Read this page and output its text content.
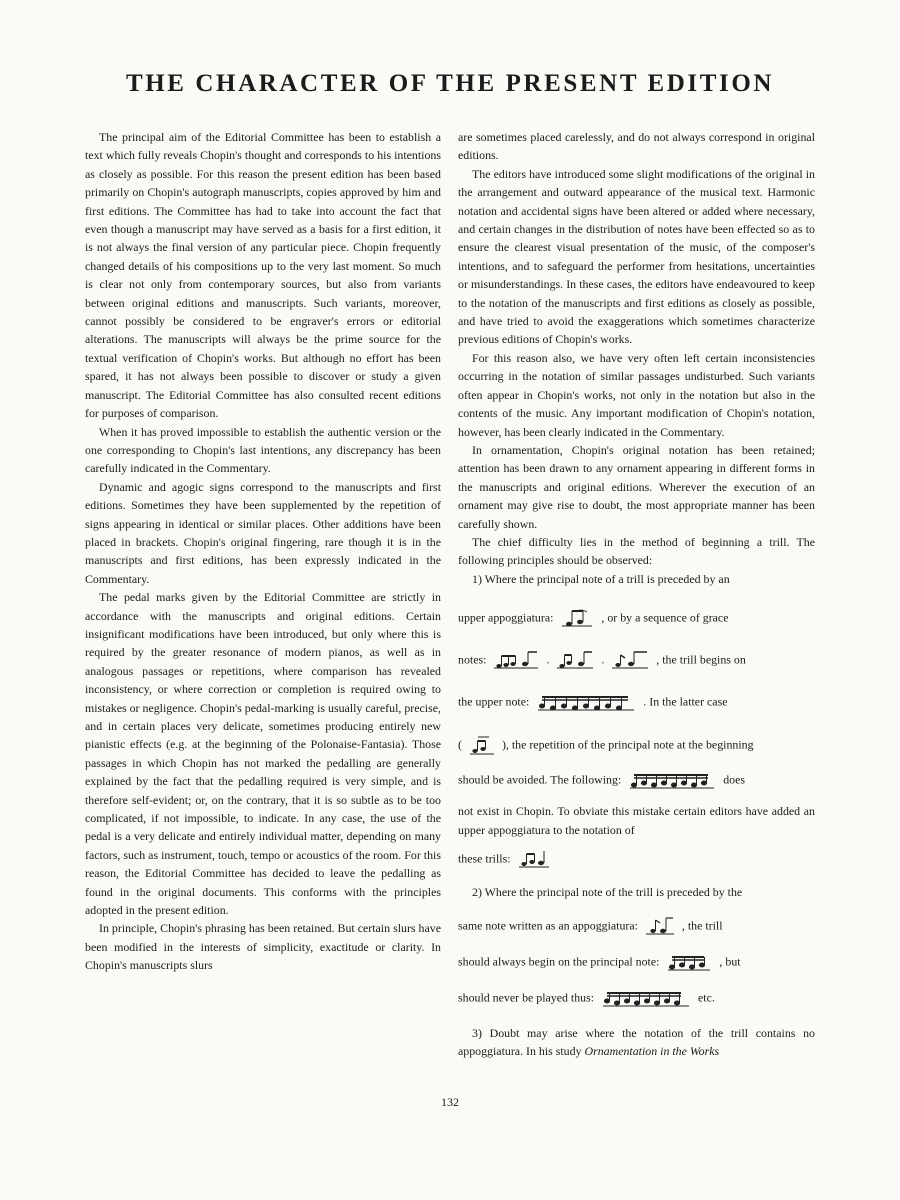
THE CHARACTER OF THE PRESENT EDITION

The principal aim of the Editorial Committee has been to establish a text which fully reveals Chopin's thought and corresponds to his intentions as closely as possible. For this reason the present edition has been based primarily on Chopin's autograph manuscripts, copies approved by him and first editions. The Committee has had to take into account the fact that even though a manuscript may have served as a basis for a first edition, it is not always the final version of any particular piece. Chopin frequently changed details of his compositions up to the very last moment. So much is clear not only from contemporary sources, but also from variants between original editions and manuscripts. Such variants, moreover, cannot possibly be considered to be engraver's errors or editorial alterations. The manuscripts will always be the prime source for the textual verification of Chopin's works. But although no effort has been spared, it has not always been possible to discover or study a given manuscript. The Editorial Committee has also consulted recent editions for purposes of comparison.

When it has proved impossible to establish the authentic version or the one corresponding to Chopin's last intentions, any discrepancy has been carefully indicated in the Commentary.

Dynamic and agogic signs correspond to the manuscripts and first editions. Sometimes they have been supplemented by the repetition of signs appearing in identical or similar places. Other additions have been placed in brackets. Chopin's original fingering, rare though it is in the manuscripts and first editions, has been expressly indicated in the Commentary.

The pedal marks given by the Editorial Committee are strictly in accordance with the manuscripts and original editions. Certain insignificant modifications have been introduced, but only where this is required by the greater resonance of modern pianos, as well as in analogous passages or repetitions, where comparison has revealed inconsistency, or where correction or completion is required owing to mistakes or negligence. Chopin's pedal-marking is usually careful, precise, and in certain places very delicate, sometimes producing entirely new pianistic effects (e.g. at the beginning of the Polonaise-Fantasia). Those passages in which Chopin has not marked the pedalling are generally explained by the fact that the pedalling required is very simple, and is therefore self-evident; or, on the contrary, that it is so subtle as to be too complicated, if not impossible, to indicate. In any case, the use of the pedal is a very delicate and entirely individual matter, depending on many factors, such as instrument, touch, tempo or acoustics of the room. For this reason, the Editorial Committee has decided to leave the pedalling as found in the original documents. This conforms with the principles adopted in the present edition.

In principle, Chopin's phrasing has been retained. But certain slurs have been modified in the interests of simplicity, exactitude or clarity. In Chopin's manuscripts slurs

are sometimes placed carelessly, and do not always correspond in original editions.

The editors have introduced some slight modifications of the original in the arrangement and outward appearance of the musical text. Harmonic notation and accidental signs have been altered or added where necessary, and certain changes in the distribution of notes have been effected so as to ensure the clearest visual presentation of the music, of the composer's intentions, and to safeguard the performer from hesitations, uncertainties or misunderstandings. In these cases, the editors have endeavoured to keep to the notation of the manuscripts and first editions as closely as possible, and have tried to avoid the exaggerations which sometimes characterize previous editions of Chopin's works.

For this reason also, we have very often left certain inconsistencies occurring in the notation of similar passages undisturbed. Such variants often appear in Chopin's works, not only in the notation but also in the contents of the music. Any important modification of Chopin's notation, however, has been clearly indicated in the Commentary.

In ornamentation, Chopin's original notation has been retained; attention has been drawn to any ornament appearing in different forms in the manuscripts and original editions. Wherever the execution of an ornament may give rise to doubt, the most appropriate manner has been carefully shown.

The chief difficulty lies in the method of beginning a trill. The following principles should be observed:

1) Where the principal note of a trill is preceded by an

upper appoggiatura:	, or by a sequence of grace

notes:	.	.	, the trill begins on

the upper note:	. In the latter case

(	), the repetition of the principal note at the beginning

should be avoided. The following:	does

not exist in Chopin. To obviate this mistake certain editors have added an upper appoggiatura to the notation of

these trills:

2) Where the principal note of the trill is preceded by the

same note written as an appoggiatura:	, the trill

should always begin on the principal note:	, but

should never be played thus:	etc.

3) Doubt may arise where the notation of the trill contains no appoggiatura. In his study Ornamentation in the Works

132
